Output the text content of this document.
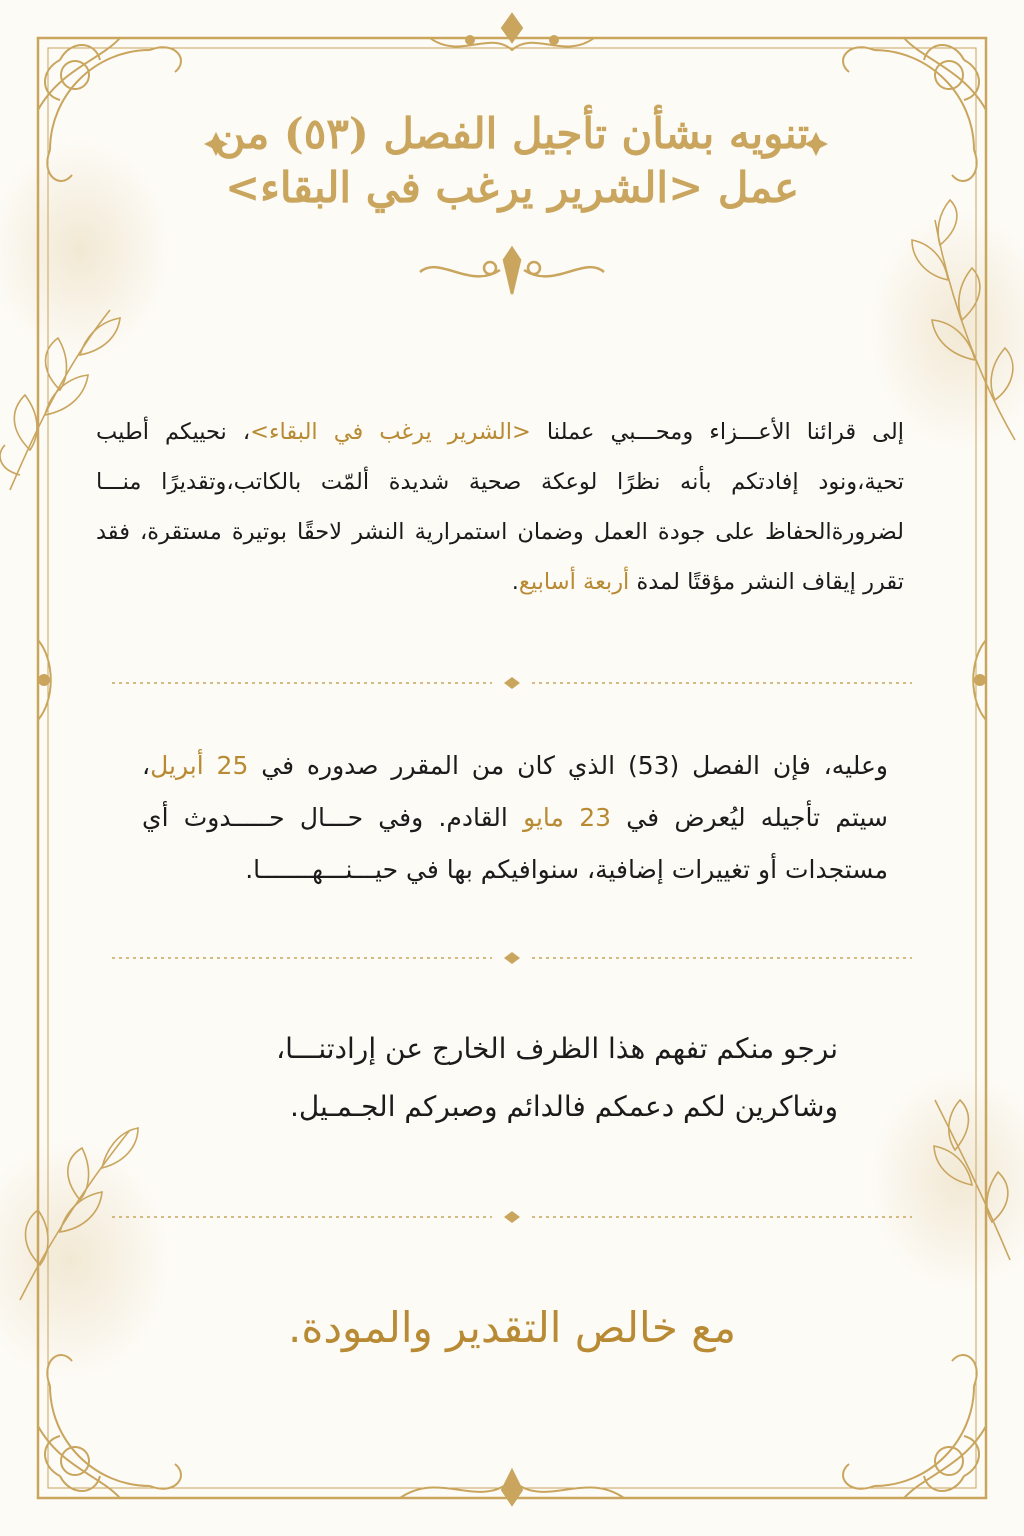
تنويه بشأن تأجيل الفصل (٥٣) من
عمل <الشرير يرغب في البقاء>

إلى قرائنا الأعـــزاء ومحـــبي عملنا <الشرير يرغب في البقاء>، نحييكم أطيب تحية،ونود إفادتكم بأنه نظرًا لوعكة صحية شديدة ألمّت بالكاتب،وتقديرًا منـــا لضرورةالحفاظ على جودة العمل وضمان استمرارية النشر لاحقًا بوتيرة مستقرة، فقد تقرر إيقاف النشر مؤقتًا لمدة أربعة أسابيع.

وعليه، فإن الفصل (53) الذي كان من المقرر صدوره في 25 أبريل، سيتم تأجيله ليُعرض في 23 مايو القادم. وفي حـــال حـــــدوث أي مستجدات أو تغييرات إضافية، سنوافيكم بها في حيـــنـــهـــــــا.

نرجو منكم تفهم هذا الظرف الخارج عن إرادتنـــا،
وشاكرين لكم دعمكم فالدائم وصبركم الجـمـيل.

مع خالص التقدير والمودة.
